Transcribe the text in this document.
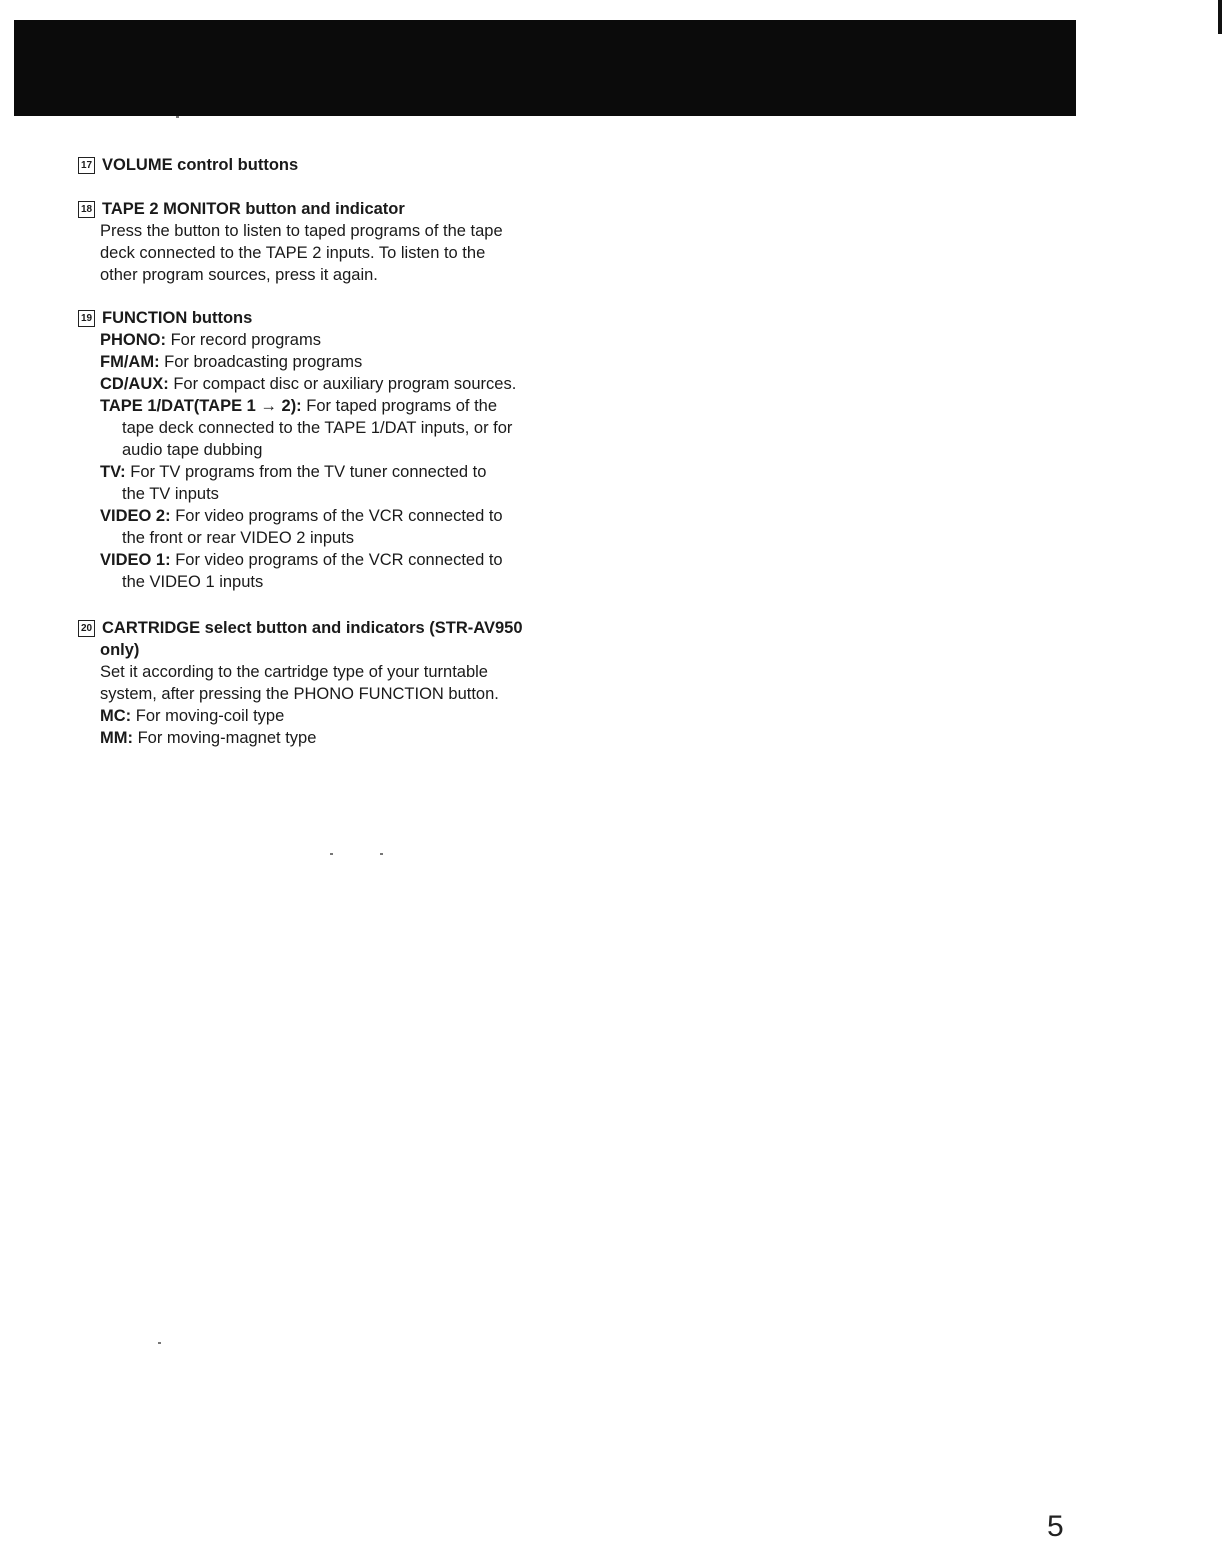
17 VOLUME control buttons
18 TAPE 2 MONITOR button and indicator
Press the button to listen to taped programs of the tape
deck connected to the TAPE 2 inputs. To listen to the
other program sources, press it again.
19 FUNCTION buttons
PHONO: For record programs
FM/AM: For broadcasting programs
CD/AUX: For compact disc or auxiliary program sources.
TAPE 1/DAT(TAPE 1 → 2): For taped programs of the
tape deck connected to the TAPE 1/DAT inputs, or for
audio tape dubbing
TV: For TV programs from the TV tuner connected to
the TV inputs
VIDEO 2: For video programs of the VCR connected to
the front or rear VIDEO 2 inputs
VIDEO 1: For video programs of the VCR connected to
the VIDEO 1 inputs
20 CARTRIDGE select button and indicators (STR-AV950
only)
Set it according to the cartridge type of your turntable
system, after pressing the PHONO FUNCTION button.
MC: For moving-coil type
MM: For moving-magnet type
5
